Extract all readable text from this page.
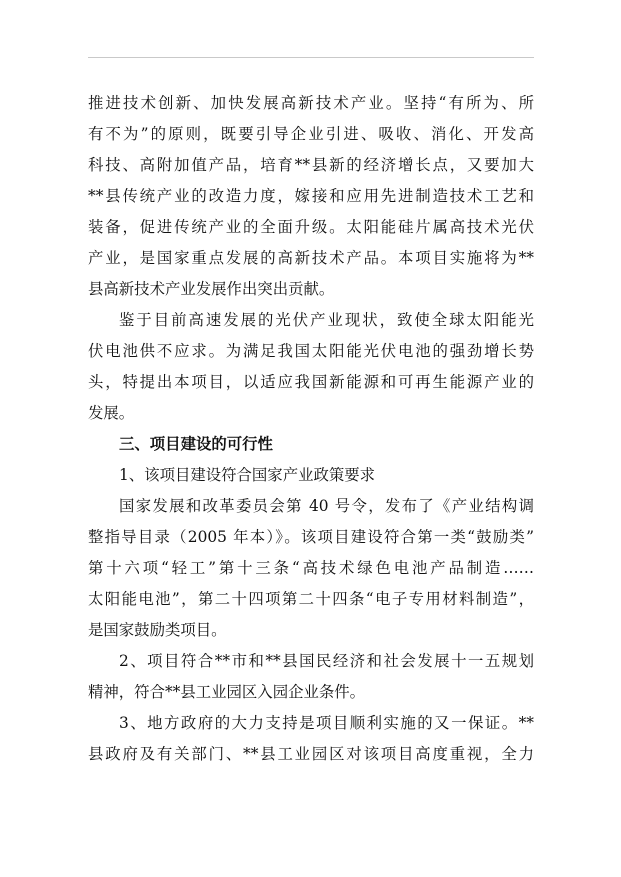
推进技术创新、加快发展高新技术产业。坚持“有所为、所
有不为”的原则，既要引导企业引进、吸收、消化、开发高
科技、高附加值产品，培育**县新的经济增长点，又要加大
**县传统产业的改造力度，嫁接和应用先进制造技术工艺和
装备，促进传统产业的全面升级。太阳能硅片属高技术光伏
产业，是国家重点发展的高新技术产品。本项目实施将为**
县高新技术产业发展作出突出贡献。
鉴于目前高速发展的光伏产业现状，致使全球太阳能光
伏电池供不应求。为满足我国太阳能光伏电池的强劲增长势
头，特提出本项目，以适应我国新能源和可再生能源产业的
发展。
三、项目建设的可行性
1、该项目建设符合国家产业政策要求
国家发展和改革委员会第 40 号令，发布了《产业结构调
整指导目录（2005 年本）》。该项目建设符合第一类“鼓励类”
第十六项“轻工”第十三条“高技术绿色电池产品制造……
太阳能电池”，第二十四项第二十四条“电子专用材料制造”，
是国家鼓励类项目。
2、项目符合**市和**县国民经济和社会发展十一五规划
精神，符合**县工业园区入园企业条件。
3、地方政府的大力支持是项目顺利实施的又一保证。**
县政府及有关部门、**县工业园区对该项目高度重视，全力
